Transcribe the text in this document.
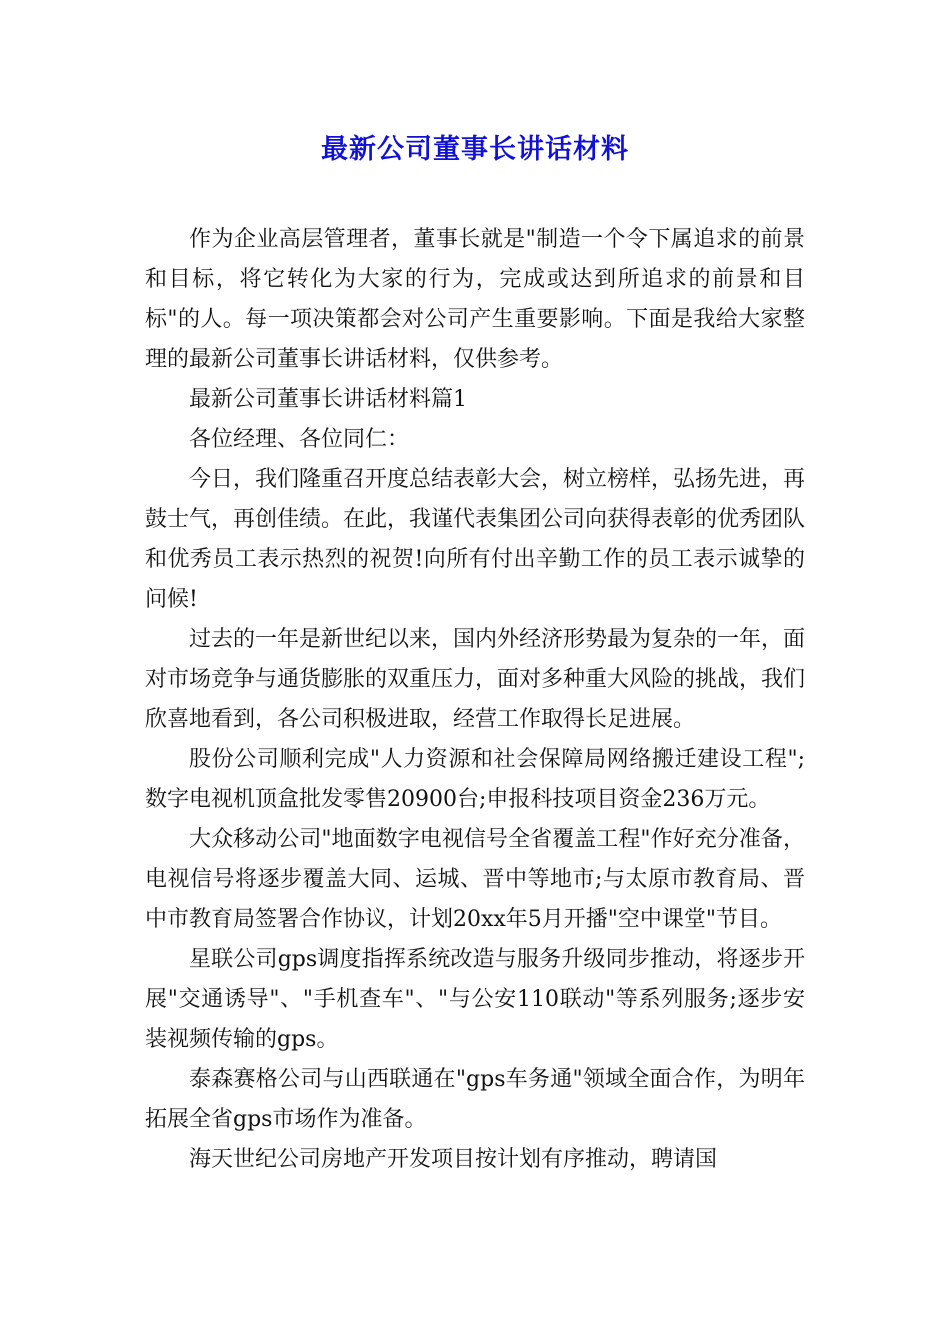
最新公司董事长讲话材料

作为企业高层管理者，董事长就是"制造一个令下属追求的前景和目标，将它转化为大家的行为，完成或达到所追求的前景和目标"的人。每一项决策都会对公司产生重要影响。下面是我给大家整理的最新公司董事长讲话材料，仅供参考。

最新公司董事长讲话材料篇1

各位经理、各位同仁：

今日，我们隆重召开度总结表彰大会，树立榜样，弘扬先进，再鼓士气，再创佳绩。在此，我谨代表集团公司向获得表彰的优秀团队和优秀员工表示热烈的祝贺!向所有付出辛勤工作的员工表示诚挚的问候!

过去的一年是新世纪以来，国内外经济形势最为复杂的一年，面对市场竞争与通货膨胀的双重压力，面对多种重大风险的挑战，我们欣喜地看到，各公司积极进取，经营工作取得长足进展。

股份公司顺利完成"人力资源和社会保障局网络搬迁建设工程";数字电视机顶盒批发零售20900台;申报科技项目资金236万元。

大众移动公司"地面数字电视信号全省覆盖工程"作好充分准备，电视信号将逐步覆盖大同、运城、晋中等地市;与太原市教育局、晋中市教育局签署合作协议，计划20xx年5月开播"空中课堂"节目。

星联公司gps调度指挥系统改造与服务升级同步推动，将逐步开展"交通诱导"、"手机查车"、"与公安110联动"等系列服务;逐步安装视频传输的gps。

泰森赛格公司与山西联通在"gps车务通"领域全面合作，为明年拓展全省gps市场作为准备。

海天世纪公司房地产开发项目按计划有序推动，聘请国
